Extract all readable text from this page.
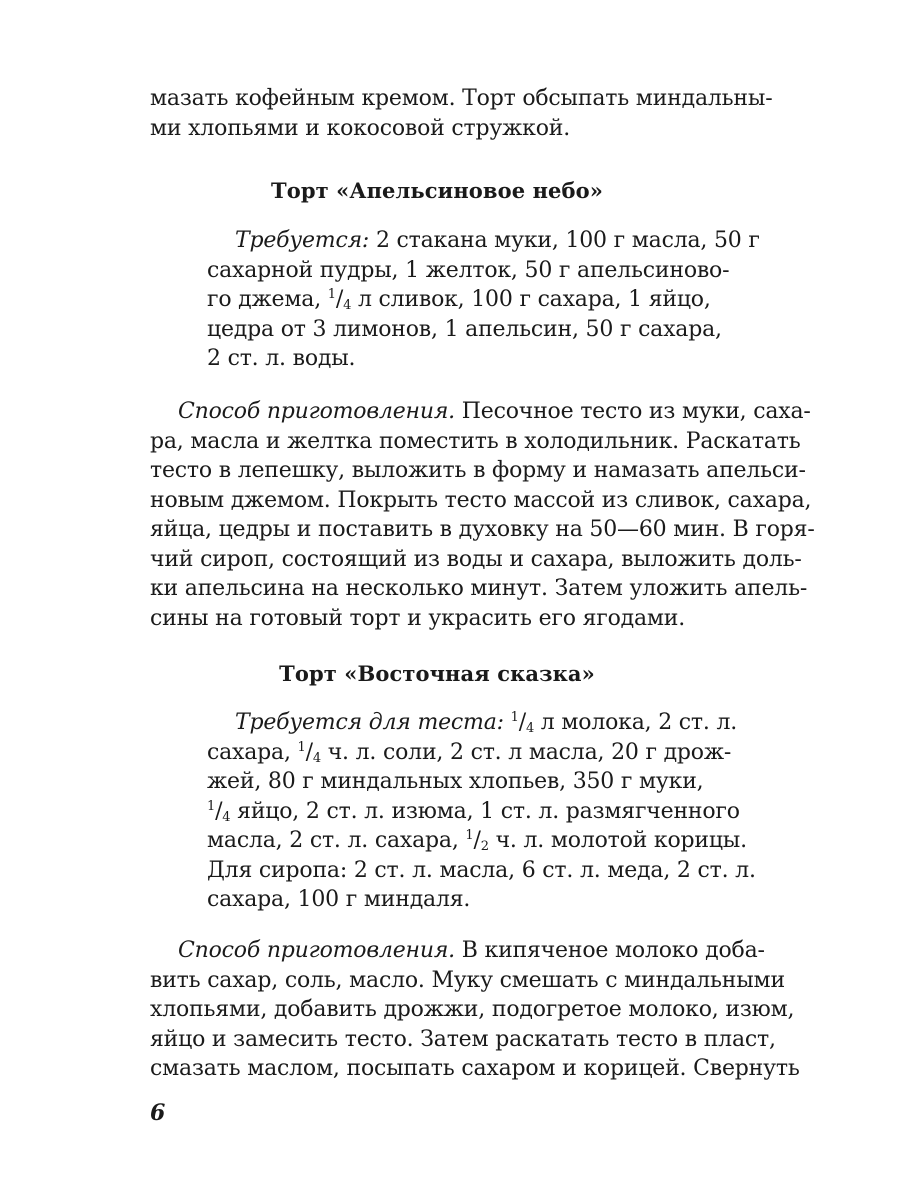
мазать кофейным кремом. Торт обсыпать миндальны-
ми хлопьями и кокосовой стружкой.
Торт «Апельсиновое небо»
Требуется: 2 стакана муки, 100 г масла, 50 г
сахарной пудры, 1 желток, 50 г апельсиново-
го джема, $^1/_4$ л сливок, 100 г сахара, 1 яйцо,
цедра от 3 лимонов, 1 апельсин, 50 г сахара,
2 ст. л. воды.
Способ приготовления. Песочное тесто из муки, саха-
ра, масла и желтка поместить в холодильник. Раскатать
тесто в лепешку, выложить в форму и намазать апельси-
новым джемом. Покрыть тесто массой из сливок, сахара,
яйца, цедры и поставить в духовку на 50—60 мин. В горя-
чий сироп, состоящий из воды и сахара, выложить доль-
ки апельсина на несколько минут. Затем уложить апель-
сины на готовый торт и украсить его ягодами.
Торт «Восточная сказка»
Требуется для теста: $^1/_4$ л молока, 2 ст. л.
сахара, $^1/_4$ ч. л. соли, 2 ст. л масла, 20 г дрож-
жей, 80 г миндальных хлопьев, 350 г муки,
$^1/_4$ яйцо, 2 ст. л. изюма, 1 ст. л. размягченного
масла, 2 ст. л. сахара, $^1/_2$ ч. л. молотой корицы.
Для сиропа: 2 ст. л. масла, 6 ст. л. меда, 2 ст. л.
сахара, 100 г миндаля.
Способ приготовления. В кипяченое молоко доба-
вить сахар, соль, масло. Муку смешать с миндальными
хлопьями, добавить дрожжи, подогретое молоко, изюм,
яйцо и замесить тесто. Затем раскатать тесто в пласт,
смазать маслом, посыпать сахаром и корицей. Свернуть
6
